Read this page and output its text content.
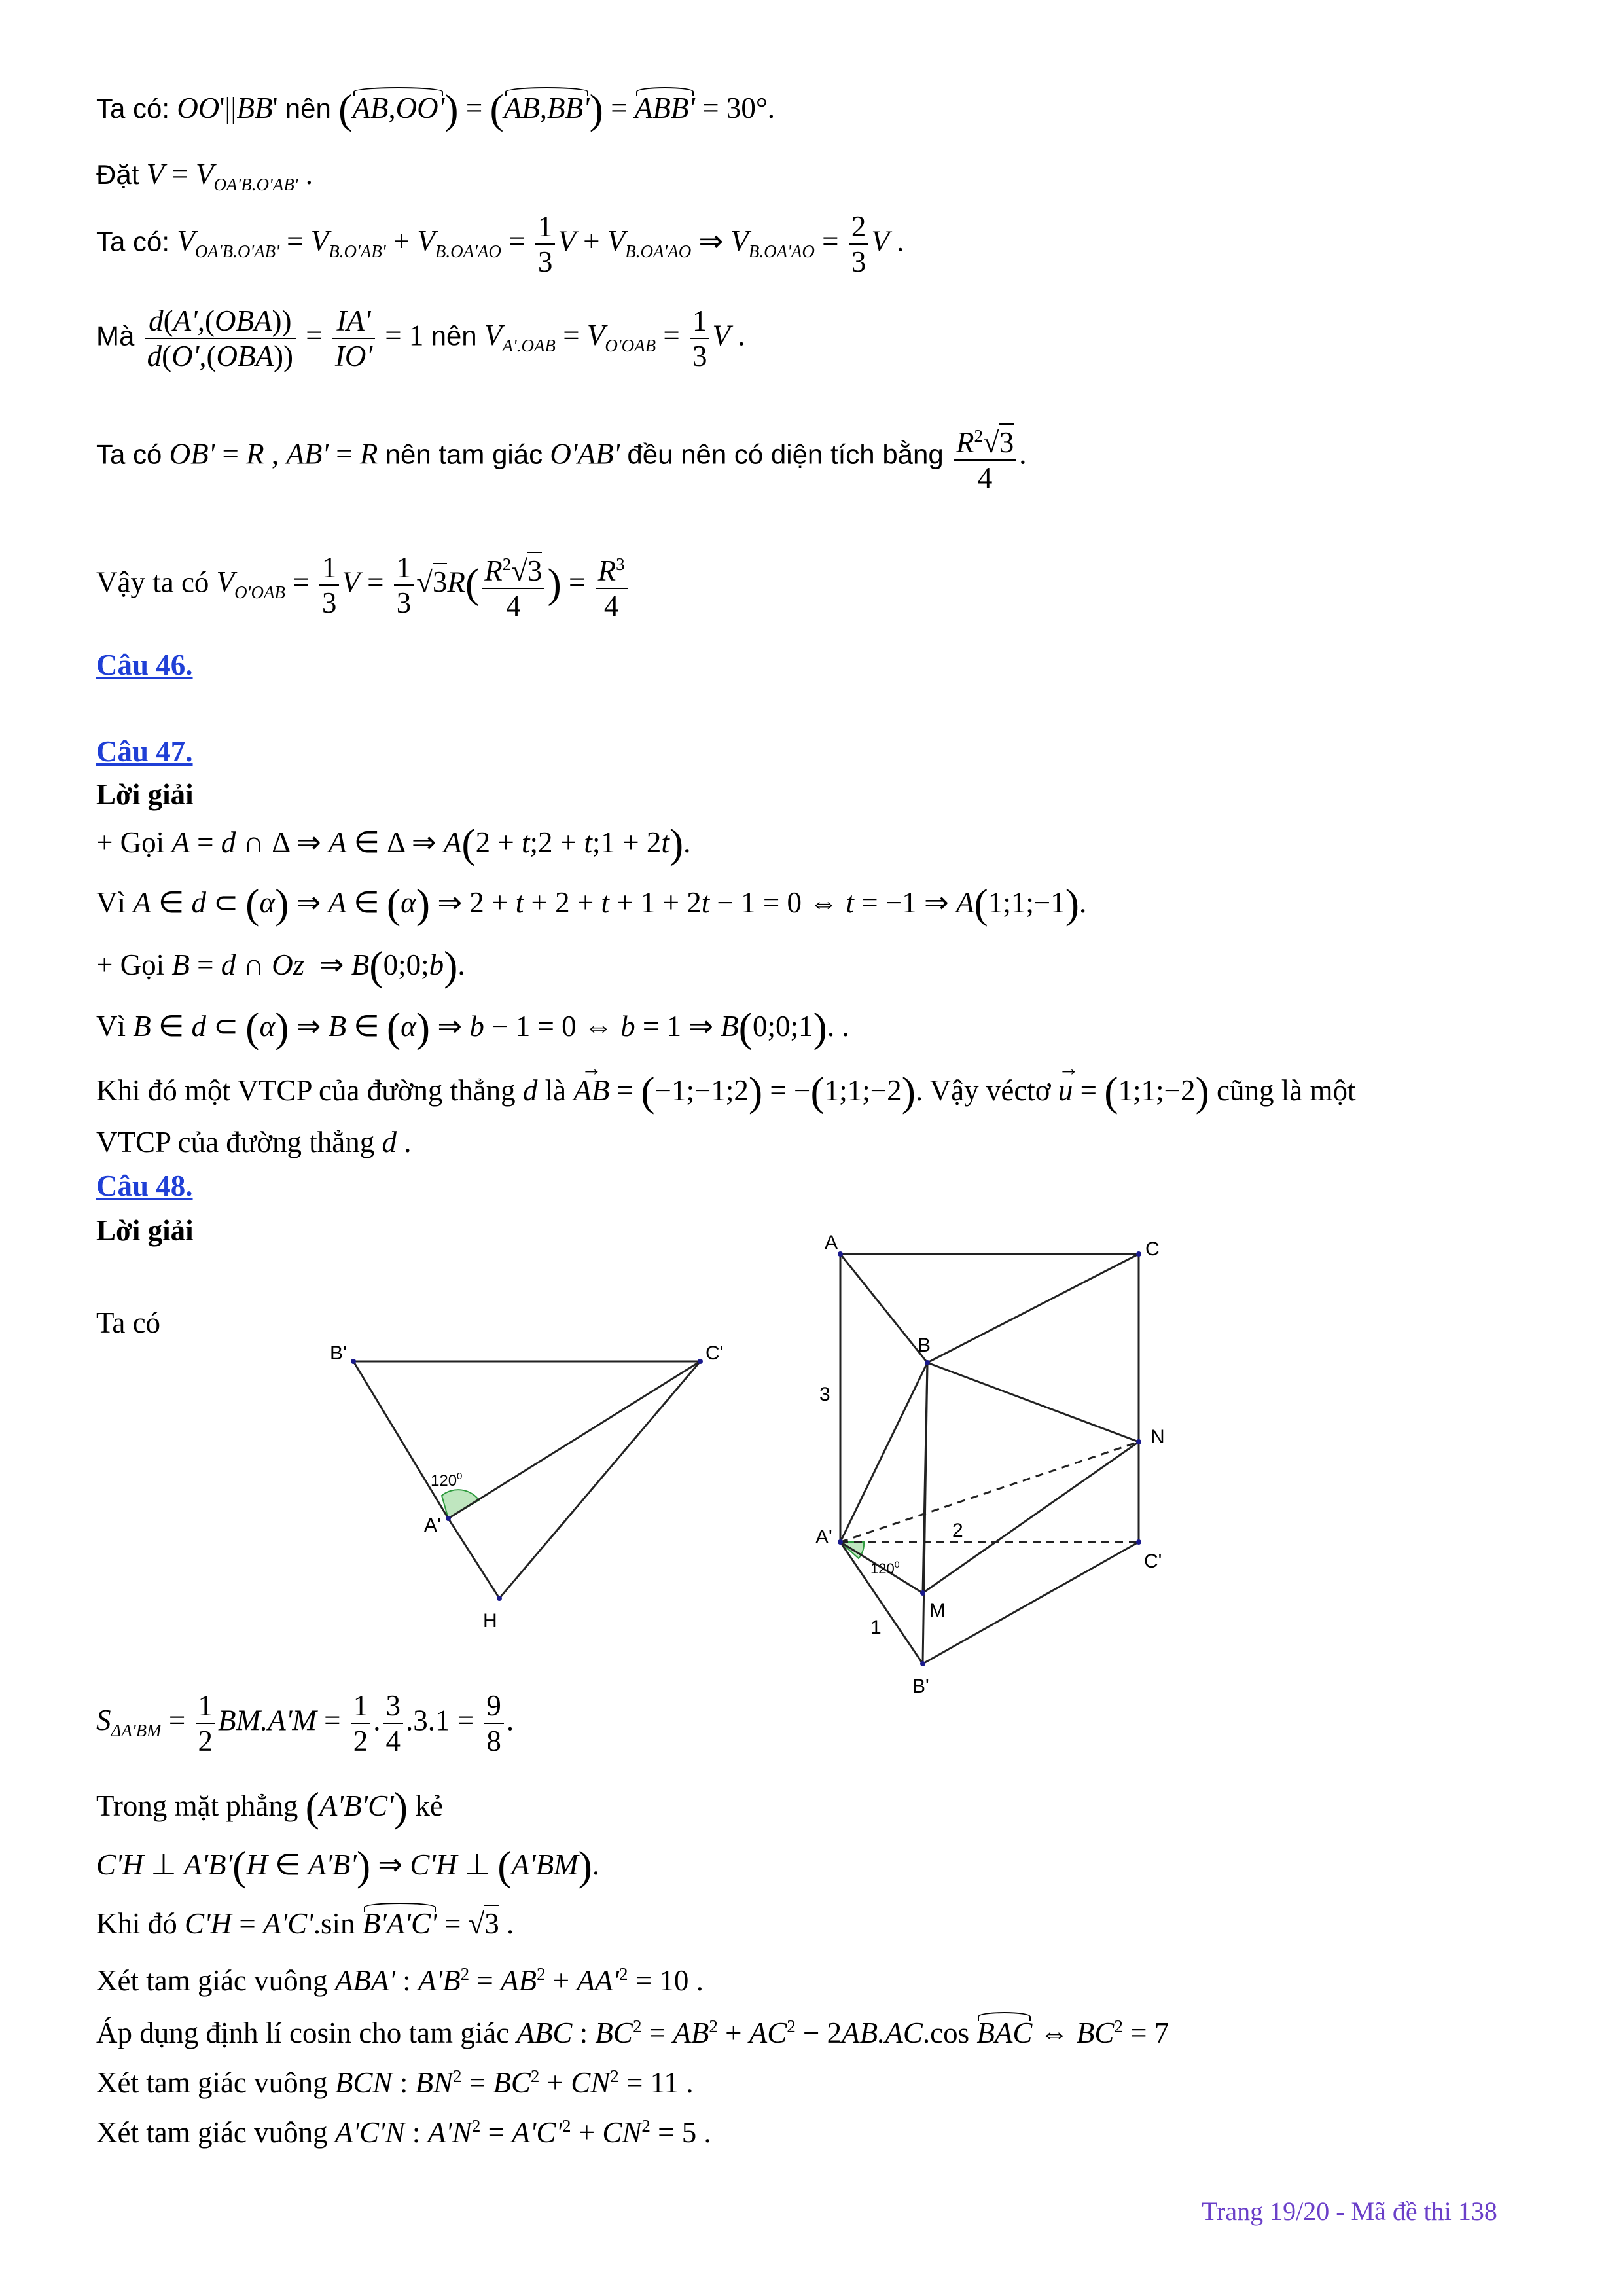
Ta có: OO'||BB' nên (AB,OO') = (AB,BB') = ABB' = 30°.
Đặt $V = V_{OA'B.O'AB'}$ .
Ta có: $V_{OA'B.O'AB'} = V_{B.O'AB'} + V_{B.OA'AO} = \frac{1}{3}$ $V + V_{B.OA'AO}$ ⇒ $V_{B.OA'AO} = \frac{2}{3}$ V .
Mà d(A',(OBA))
d(O',(OBA))
= $\frac{IA'}{IO'} = 1$ nên $V_{A'.OAB} = V_{O'OAB} = \frac{1}{3}$ V .
Ta có OB' = R , AB' = R nên tam giác O'AB' đều nên có diện tích bằng $\frac{R^2√3}{4}$ .
Vậy ta có $V_{O'OAB} = \frac{1}{3}$ $V = \frac{1}{3} √3R( \frac{R^2√3}{4}$ ) = $\frac{R^3}{4}$
Câu 46.
Câu 47.
Lời giải
+ Gọi A = d ∩ Δ ⇒ A ∈ Δ ⇒ A(2 + t;2 + t;1 + 2t).
Vì A ∈ d ⊂ (α) ⇒ A ∈ (α) ⇒ 2 + t + 2 + t + 1 + 2t − 1 = 0 ⇔ t = −1 ⇒ A(1;1;−1).
+ Gọi B = d ∩ Oz  ⇒ B(0;0;b).
Vì B ∈ d ⊂ (α) ⇒ B ∈ (α) ⇒ b − 1 = 0 ⇔ b = 1 ⇒ B(0;0;1). .
Khi đó một VTCP của đường thẳng d là → AB = (−1;−1;2) = −(1;1;−2). Vậy véctơ → u = (1;1;−2) cũng là một
VTCP của đường thẳng d .
Câu 48.
Lời giải
Ta có
B'	C'
A'
H
$120^0$
A	C
B
N
A'
C'
M
B'
3
2
1
$120^0$
$S_{\Delta A'BM} = \frac{1}{2} BM.A'M = \frac{1}{2}$ . $\frac{3}{4} .3.1 = \frac{9}{8}$ .
Trong mặt phẳng (A'B'C') kẻ
C'H ⊥ A'B'(H ∈ A'B') ⇒ C'H ⊥ (A'BM).
Khi đó C'H = A'C'.sin B'A'C' = √3 .
Xét tam giác vuông ABA' : $A'B^2 = AB^2 + AA'^2 = 10$ .
Áp dụng định lí cosin cho tam giác ABC : $BC^2 = AB^2 + AC^2 - 2AB.AC.\cos$ BAC ⇔ $BC^2 = 7$
Xét tam giác vuông BCN : $BN^2 = BC^2 + CN^2 = 11$ .
Xét tam giác vuông A'C'N : $A'N^2 = A'C'^2 + CN^2 = 5$ .
Trang 19/20 - Mã đề thi 138
